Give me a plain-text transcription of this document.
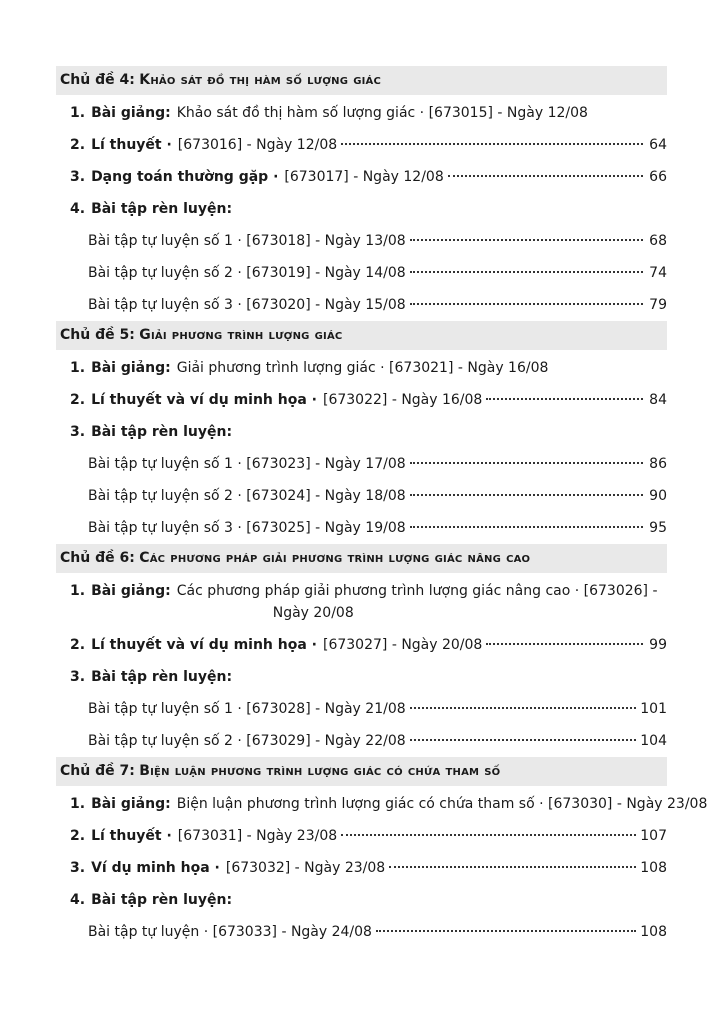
Chủ đề 4: Khảo sát đồ thị hàm số lượng giác
1. Bài giảng: Khảo sát đồ thị hàm số lượng giác · [673015] - Ngày 12/08
2. Lí thuyết · [673016] - Ngày 12/08	64
3. Dạng toán thường gặp · [673017] - Ngày 12/08	66
4. Bài tập rèn luyện:
Bài tập tự luyện số 1 · [673018] - Ngày 13/08	68
Bài tập tự luyện số 2 · [673019] - Ngày 14/08	74
Bài tập tự luyện số 3 · [673020] - Ngày 15/08	79
Chủ đề 5: Giải phương trình lượng giác
1. Bài giảng: Giải phương trình lượng giác · [673021] - Ngày 16/08
2. Lí thuyết và ví dụ minh họa · [673022] - Ngày 16/08	84
3. Bài tập rèn luyện:
Bài tập tự luyện số 1 · [673023] - Ngày 17/08	86
Bài tập tự luyện số 2 · [673024] - Ngày 18/08	90
Bài tập tự luyện số 3 · [673025] - Ngày 19/08	95
Chủ đề 6: Các phương pháp giải phương trình lượng giác nâng cao
1. Bài giảng: Các phương pháp giải phương trình lượng giác nâng cao · [673026] -
Ngày 20/08
2. Lí thuyết và ví dụ minh họa · [673027] - Ngày 20/08	99
3. Bài tập rèn luyện:
Bài tập tự luyện số 1 · [673028] - Ngày 21/08	101
Bài tập tự luyện số 2 · [673029] - Ngày 22/08	104
Chủ đề 7: Biện luận phương trình lượng giác có chứa tham số
1. Bài giảng: Biện luận phương trình lượng giác có chứa tham số · [673030] - Ngày 23/08
2. Lí thuyết · [673031] - Ngày 23/08	107
3. Ví dụ minh họa · [673032] - Ngày 23/08	108
4. Bài tập rèn luyện:
Bài tập tự luyện · [673033] - Ngày 24/08	108
